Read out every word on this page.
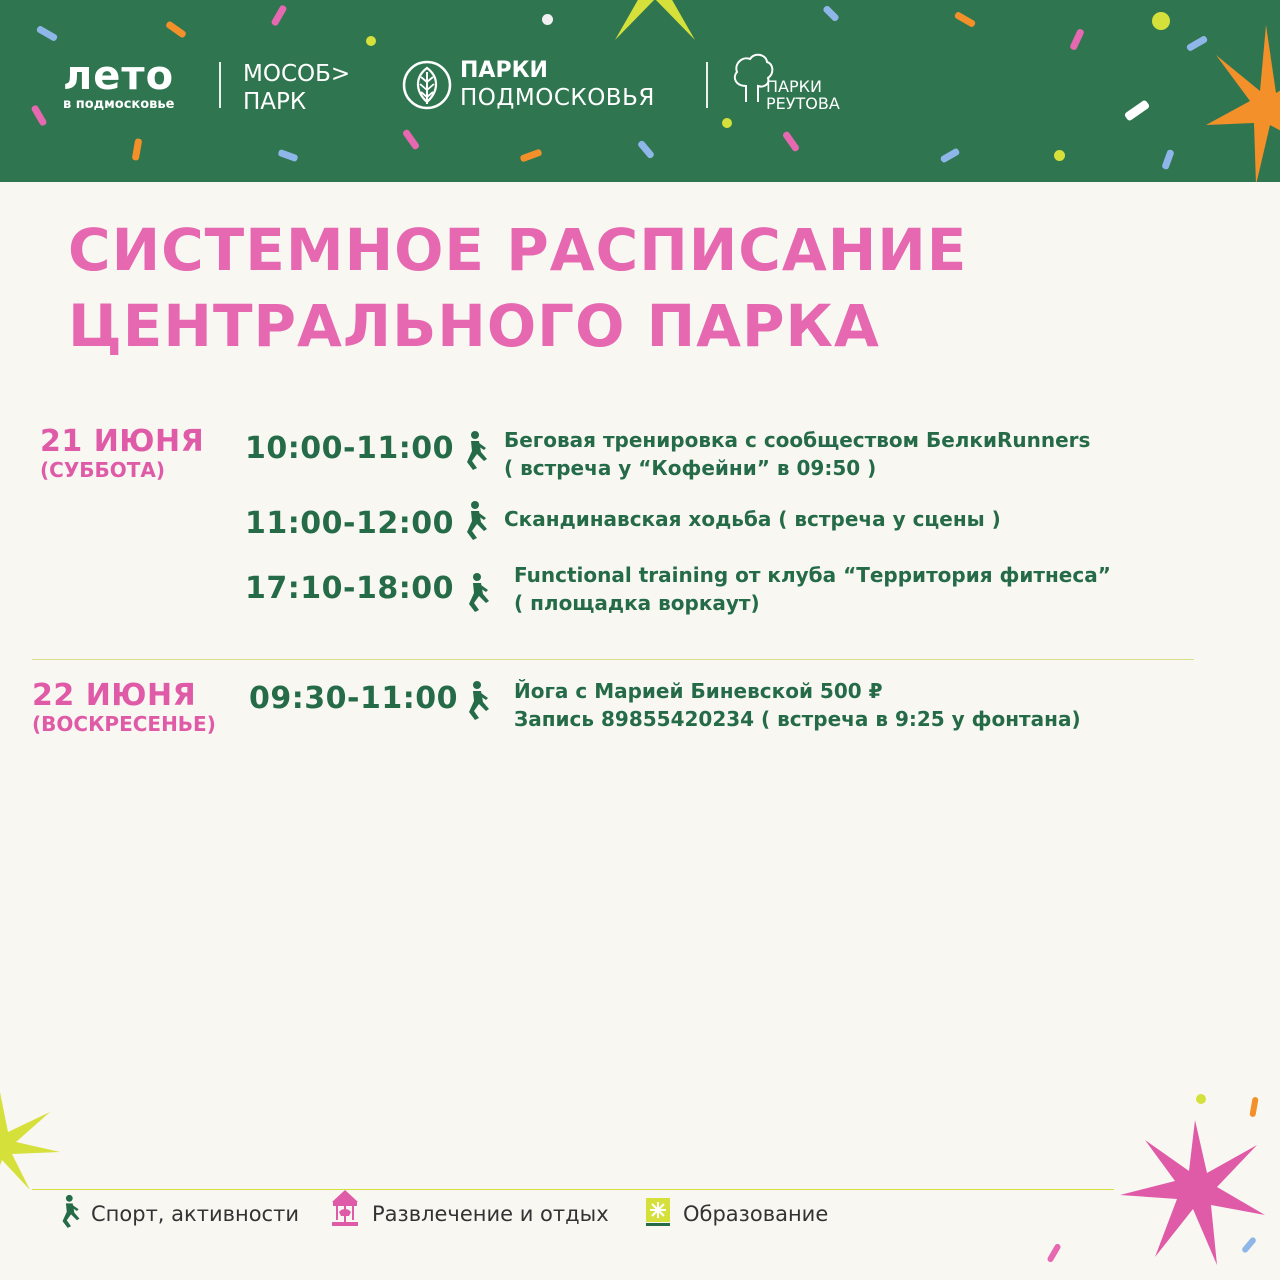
лето
в подмосковье
МОСОБ>
ПАРК
ПАРКИ
ПОДМОСКОВЬЯ	ПАРКИ
РЕУТОВА
СИСТЕМНОЕ РАСПИСАНИЕ
ЦЕНТРАЛЬНОГО ПАРКА
21 ИЮНЯ
(СУББОТА)
10:00-11:00	Беговая тренировка с сообществом БелкиRunners
( встреча у “Кофейни” в 09:50 )
11:00-12:00	Скандинавская ходьба ( встреча у сцены )
17:10-18:00	Functional training от клуба “Территория фитнеса”
( площадка воркаут)
22 ИЮНЯ
(ВОСКРЕСЕНЬЕ)
09:30-11:00	Йога с Марией Биневской 500 ₽
Запись 89855420234 ( встреча в 9:25 у фонтана)
Спорт, активности	Развлечение и отдых	Образование
